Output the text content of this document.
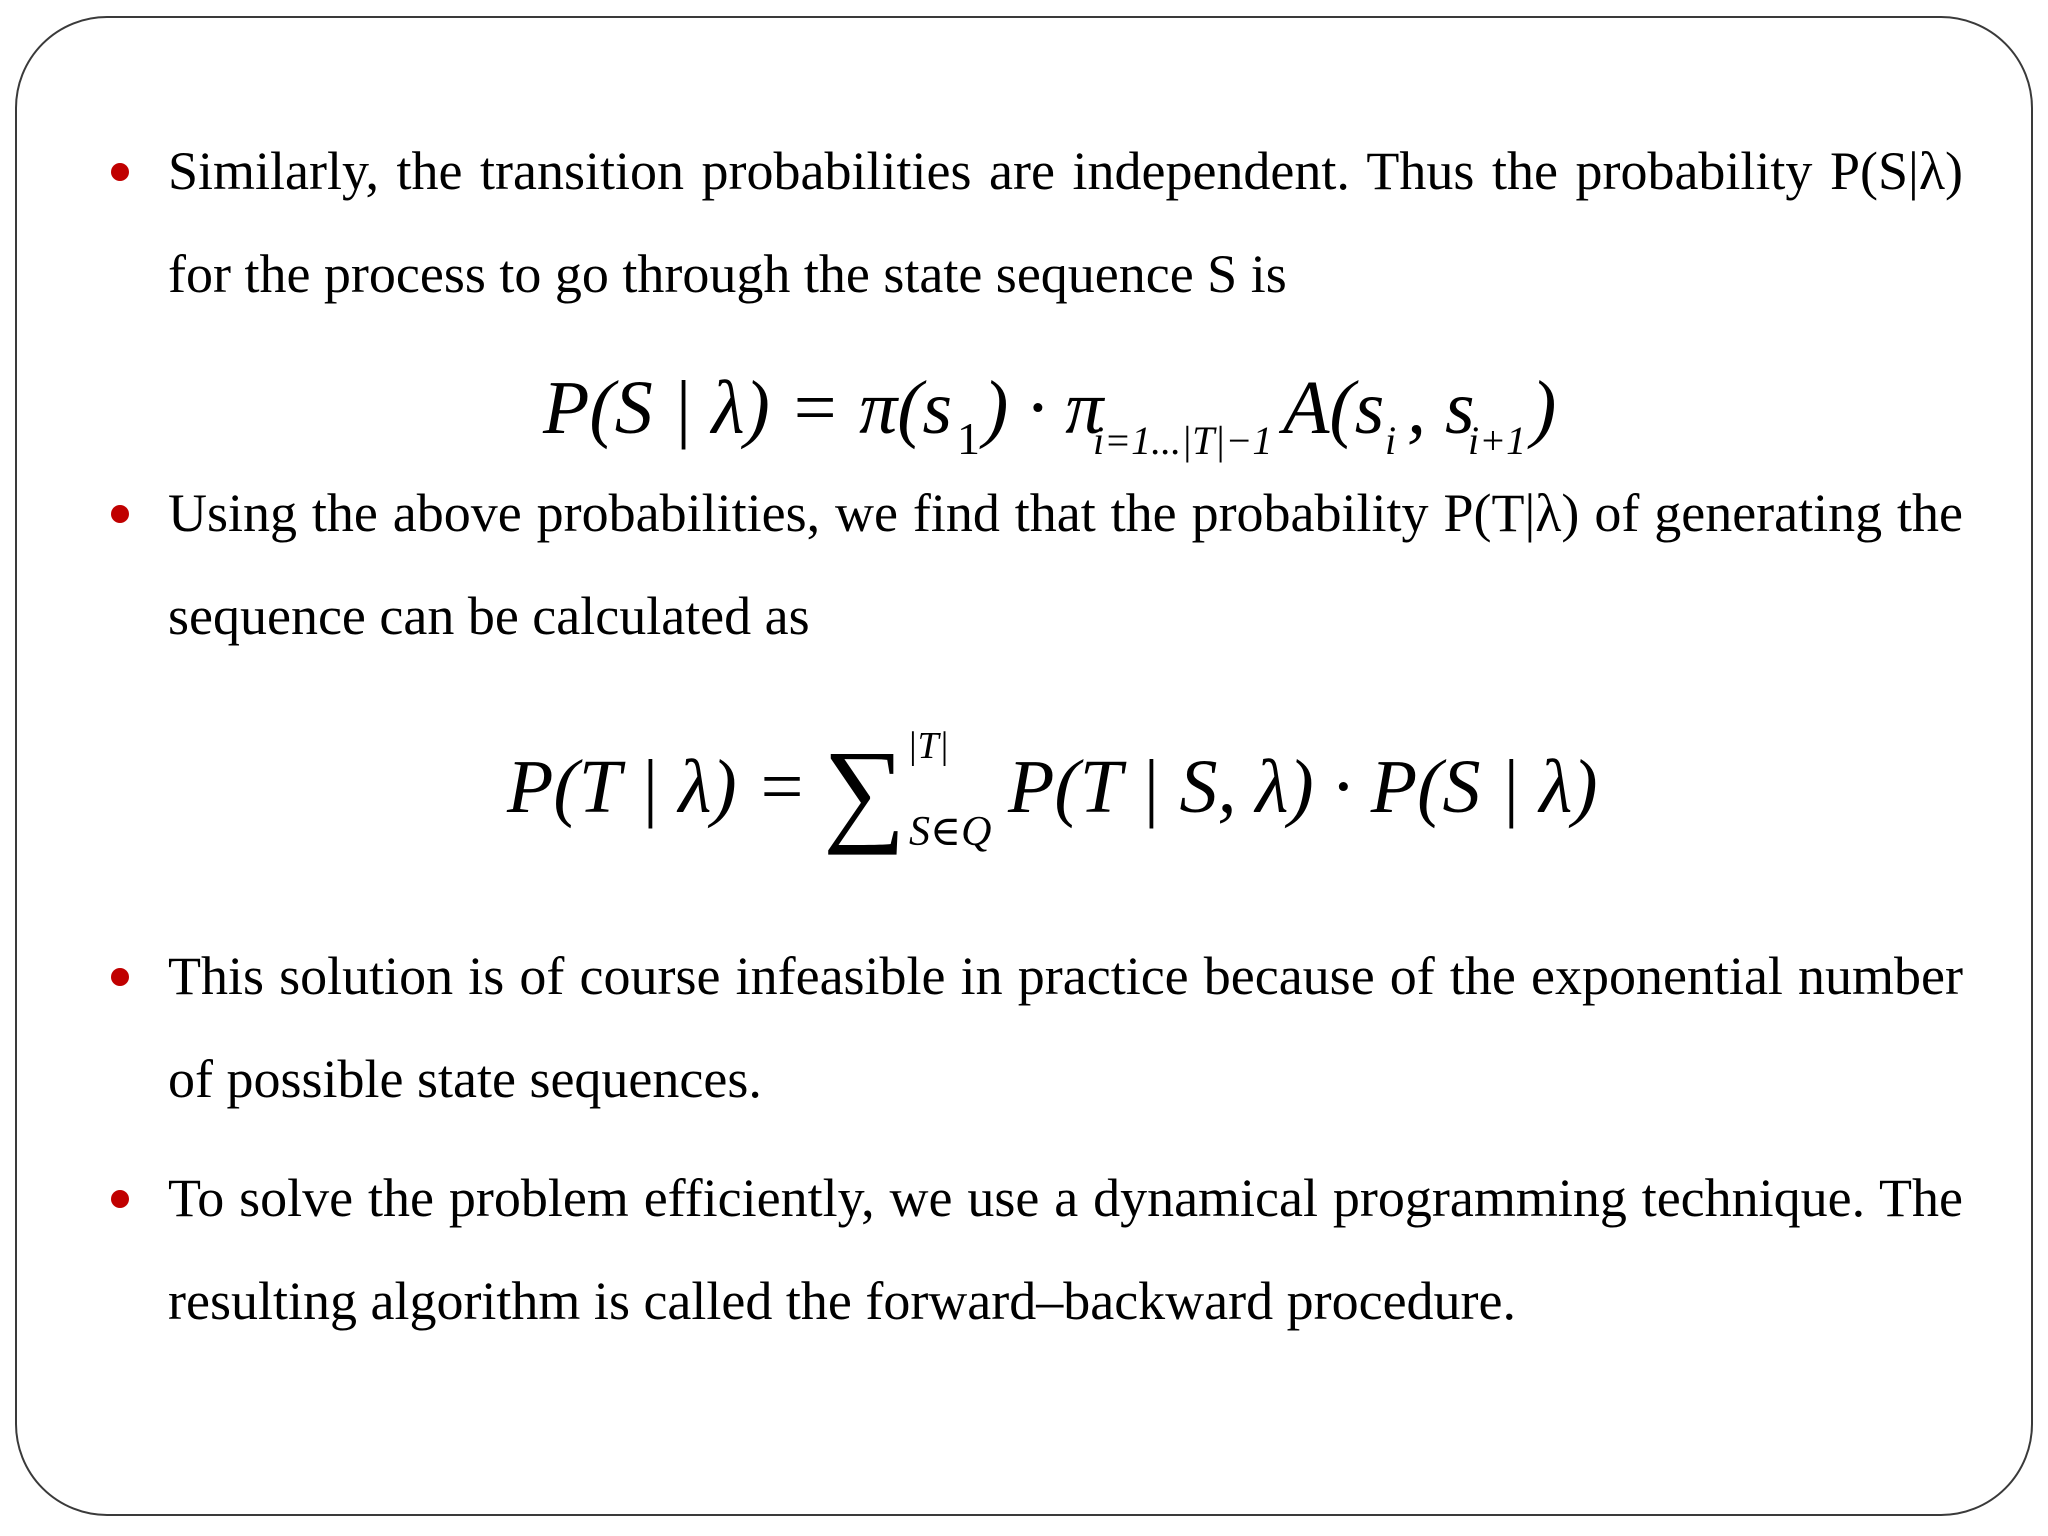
Similarly, the transition probabilities are independent. Thus the probability P(S|λ) for the process to go through the state sequence S is
P(S | λ) = π(s 1 ) · π
i=1...|T|−1 A(s i , s
i+1 )
Using the above probabilities, we find that the probability P(T|λ) of generating the sequence can be calculated as
P(T | λ) = ∑ |T|
S∈Q
P(T | S, λ) · P(S | λ)
This solution is of course infeasible in practice because of the exponential number of possible state sequences.
To solve the problem efficiently, we use a dynamical programming technique. The resulting algorithm is called the forward–backward procedure.
